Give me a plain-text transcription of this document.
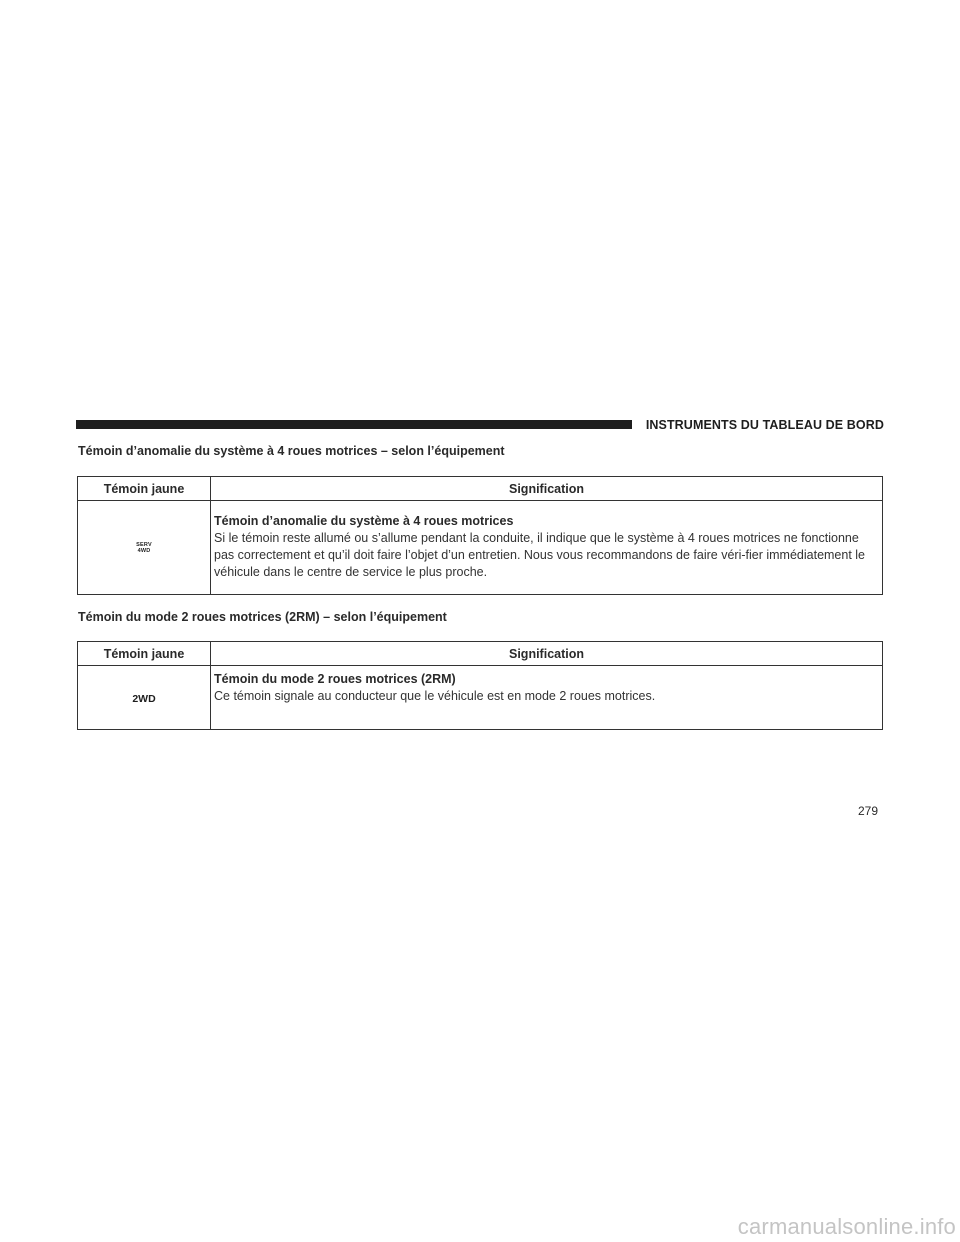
INSTRUMENTS DU TABLEAU DE BORD
Témoin d’anomalie du système à 4 roues motrices – selon l’équipement
Témoin jaune	Signification

SERV
4WD	Témoin d’anomalie du système à 4 roues motrices
Si le témoin reste allumé ou s’allume pendant la conduite, il indique que le système à 4 roues motrices ne fonctionne pas correctement et qu’il doit faire l’objet d’un entretien. Nous vous recommandons de faire véri-fier immédiatement le véhicule dans le centre de service le plus proche.
Témoin du mode 2 roues motrices (2RM) – selon l’équipement
Témoin jaune	Signification
2WD	Témoin du mode 2 roues motrices (2RM)
Ce témoin signale au conducteur que le véhicule est en mode 2 roues motrices.
279
carmanualsonline.info
